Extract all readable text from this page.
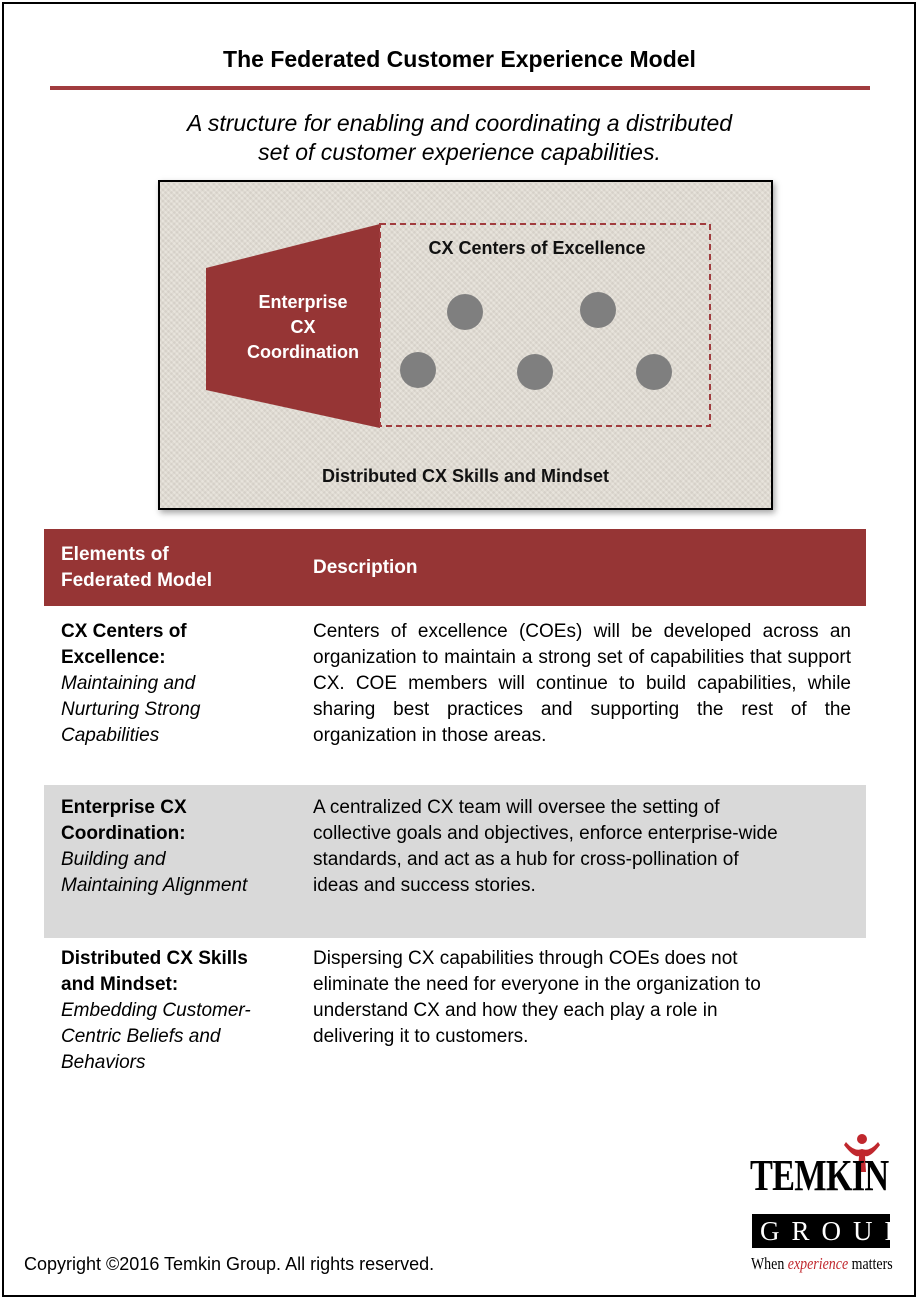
The Federated Customer Experience Model
A structure for enabling and coordinating a distributed
set of customer experience capabilities.
Enterprise
CX
Coordination
CX Centers of Excellence
Distributed CX Skills and Mindset
Elements of
Federated Model
Description
CX Centers of
Excellence:
Maintaining and
Nurturing Strong
Capabilities
Centers of excellence (COEs) will be developed across an organization to maintain a strong set of capabilities that support CX. COE members will continue to build capabilities, while sharing best practices and supporting the rest of the organization in those areas.
Enterprise CX
Coordination:
Building and
Maintaining Alignment
A centralized CX team will oversee the setting of
collective goals and objectives, enforce enterprise-wide
standards, and act as a hub for cross-pollination of
ideas and success stories.
Distributed CX Skills
and Mindset:
Embedding Customer-
Centric Beliefs and
Behaviors
Dispersing CX capabilities through COEs does not
eliminate the need for everyone in the organization to
understand CX and how they each play a role in
delivering it to customers.
Copyright ©2016 Temkin Group. All rights reserved.
TEMKIN
GROUP
When experience matters
